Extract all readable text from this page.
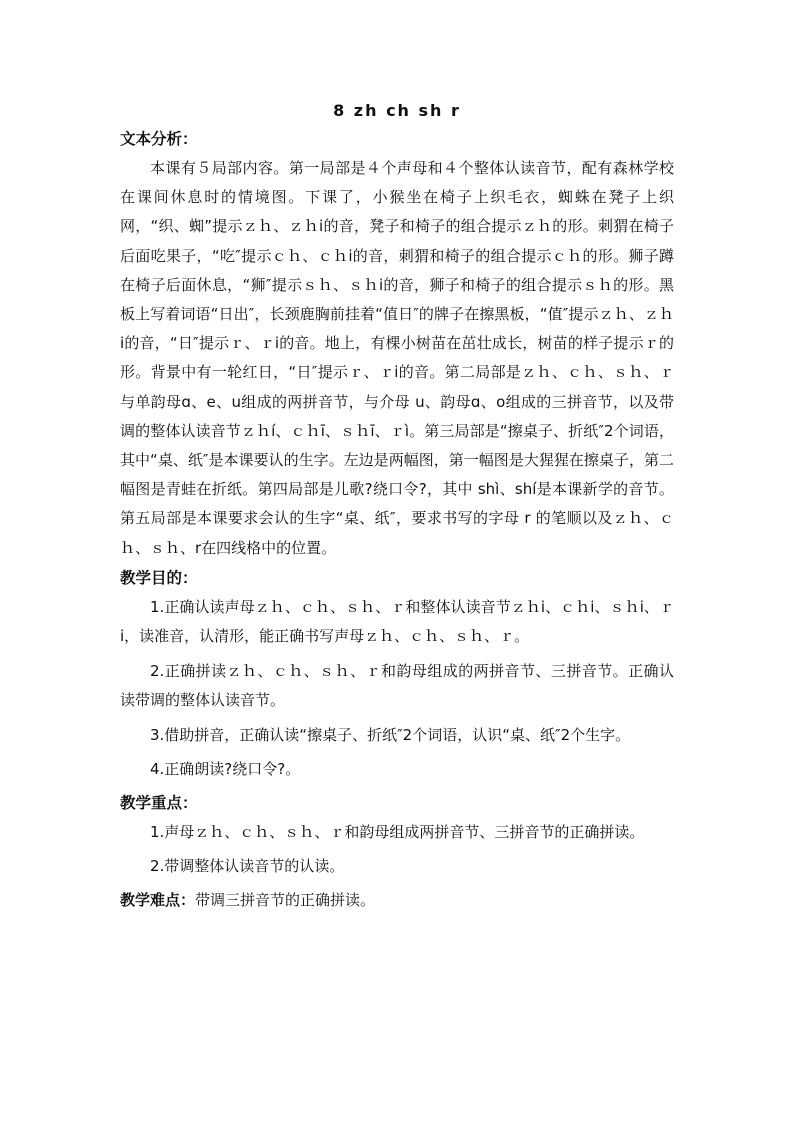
8 zh ch sh r
文本分析：

本课有５局部内容。第一局部是４个声母和４个整体认读音节，配有森林学校在课间休息时的情境图。下课了，小猴坐在椅子上织毛衣，蜘蛛在凳子上织网，“织、蜘”提示ｚｈ、ｚｈi的音，凳子和椅子的组合提示ｚｈ的形。刺猬在椅子后面吃果子，“吃″提示ｃｈ、ｃｈi的音，刺猬和椅子的组合提示ｃｈ的形。狮子蹲在椅子后面休息，“狮″提示ｓｈ、ｓｈi的音，狮子和椅子的组合提示ｓｈ的形。黑板上写着词语“日出″，长颈鹿胸前挂着“值日″的牌子在擦黑板，“值″提示ｚｈ、ｚｈi的音，“日″提示ｒ、ｒi的音。地上，有棵小树苗在茁壮成长，树苗的样子提示ｒ的形。背景中有一轮红日，“日″提示ｒ、ｒi的音。第二局部是ｚｈ、ｃｈ、ｓｈ、ｒ与单韵母ɑ、e、u组成的两拼音节，与介母 u、韵母ɑ、o组成的三拼音节，以及带调的整体认读音节ｚｈí、ｃｈī、ｓｈī、ｒì。第三局部是“擦桌子、折纸″2个词语，其中“桌、纸″是本课要认的生字。左边是两幅图，第一幅图是大猩猩在擦桌子，第二幅图是青蛙在折纸。第四局部是儿歌?绕口令?，其中 shì、shí是本课新学的音节。第五局部是本课要求会认的生字“桌、纸″，要求书写的字母 r 的笔顺以及ｚｈ、ｃｈ、ｓｈ、r在四线格中的位置。

教学目的：

1.正确认读声母ｚｈ、ｃｈ、ｓｈ、ｒ和整体认读音节ｚｈi、ｃｈi、ｓｈi、ｒi，读准音，认清形，能正确书写声母ｚｈ、ｃｈ、ｓｈ、ｒ。

2.正确拼读ｚｈ、ｃｈ、ｓｈ、ｒ和韵母组成的两拼音节、三拼音节。正确认读带调的整体认读音节。

3.借助拼音，正确认读“擦桌子、折纸″2个词语，认识“桌、纸″2个生字。

4.正确朗读?绕口令?。

教学重点：

1.声母ｚｈ、ｃｈ、ｓｈ、ｒ和韵母组成两拼音节、三拼音节的正确拼读。

2.带调整体认读音节的认读。

教学难点：带调三拼音节的正确拼读。
